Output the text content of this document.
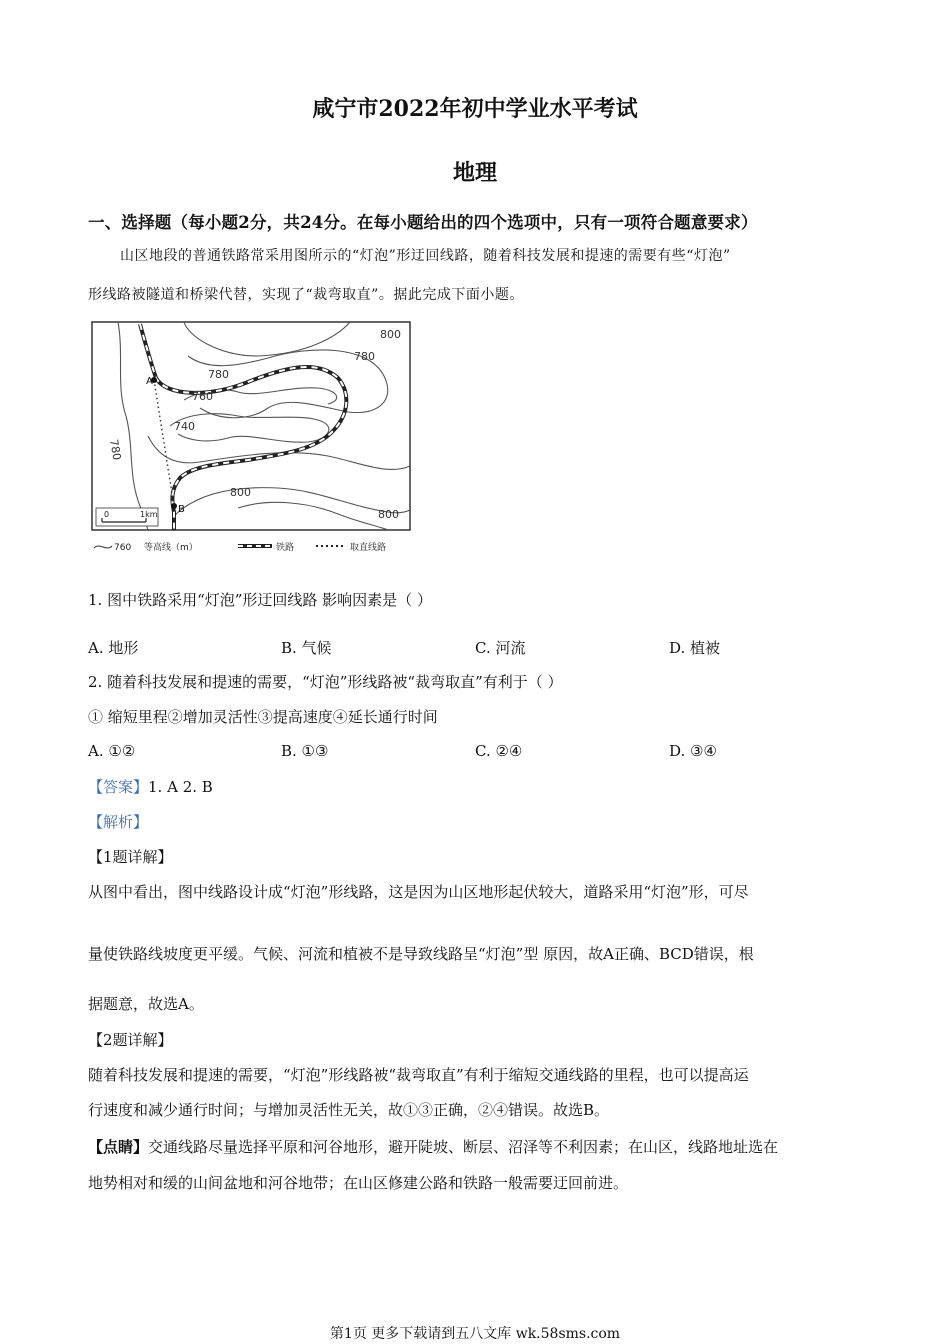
咸宁市2022年初中学业水平考试
地理
一、选择题（每小题2分，共24分。在每小题给出的四个选项中，只有一项符合题意要求）
山区地段的普通铁路常采用图所示的“灯泡”形迂回线路，随着科技发展和提速的需要有些“灯泡”
形线路被隧道和桥梁代替，实现了“裁弯取直”。据此完成下面小题。
A
B
800
780
780
760
740
780
800
800
0	1km
760 等高线（m）	铁路	取直线路
1. 图中铁路采用“灯泡”形迂回线路 影响因素是（ ）
A. 地形	B. 气候	C. 河流	D. 植被
2. 随着科技发展和提速的需要，“灯泡”形线路被“裁弯取直”有利于（ ）
① 缩短里程②增加灵活性③提高速度④延长通行时间
A. ①②	B. ①③	C. ②④	D. ③④
【答案】1. A 2. B
【解析】
【1题详解】
从图中看出，图中线路设计成“灯泡”形线路，这是因为山区地形起伏较大，道路采用“灯泡”形，可尽
量使铁路线坡度更平缓。气候、河流和植被不是导致线路呈“灯泡”型 原因，故A正确、BCD错误，根
据题意，故选A。
【2题详解】
随着科技发展和提速的需要，“灯泡”形线路被“裁弯取直”有利于缩短交通线路的里程，也可以提高运
行速度和减少通行时间；与增加灵活性无关，故①③正确，②④错误。故选B。
【点睛】交通线路尽量选择平原和河谷地形，避开陡坡、断层、沼泽等不利因素；在山区，线路地址选在
地势相对和缓的山间盆地和河谷地带；在山区修建公路和铁路一般需要迂回前进。
第1页 更多下载请到五八文库 wk.58sms.com
